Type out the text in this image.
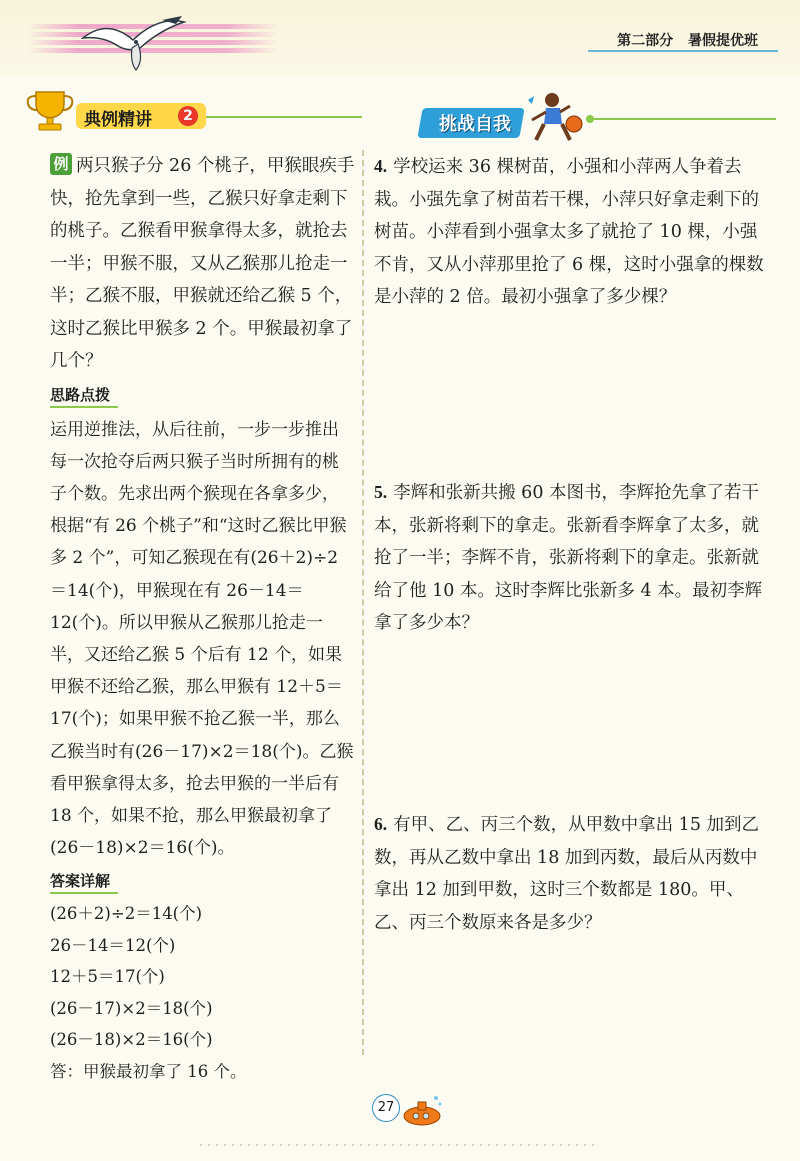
第二部分 暑假提优班
典例精讲	2	挑战自我
例 两只猴子分 26 个桃子，甲猴眼疾手快，抢先拿到一些，乙猴只好拿走剩下的桃子。乙猴看甲猴拿得太多，就抢去一半；甲猴不服，又从乙猴那儿抢走一半；乙猴不服，甲猴就还给乙猴 5 个，这时乙猴比甲猴多 2 个。甲猴最初拿了几个？
思路点拨
运用逆推法，从后往前，一步一步推出每一次抢夺后两只猴子当时所拥有的桃子个数。先求出两个猴现在各拿多少，根据“有 26 个桃子”和“这时乙猴比甲猴多 2 个”，可知乙猴现在有(26＋2)÷2＝14(个)，甲猴现在有 26－14＝12(个)。所以甲猴从乙猴那儿抢走一半，又还给乙猴 5 个后有 12 个，如果甲猴不还给乙猴，那么甲猴有 12＋5＝17(个)；如果甲猴不抢乙猴一半，那么乙猴当时有(26－17)×2＝18(个)。乙猴看甲猴拿得太多，抢去甲猴的一半后有 18 个，如果不抢，那么甲猴最初拿了(26－18)×2＝16(个)。
答案详解
(26＋2)÷2＝14(个)
26－14＝12(个)
12＋5＝17(个)
(26－17)×2＝18(个)
(26－18)×2＝16(个)
答：甲猴最初拿了 16 个。
4. 学校运来 36 棵树苗，小强和小萍两人争着去栽。小强先拿了树苗若干棵，小萍只好拿走剩下的树苗。小萍看到小强拿太多了就抢了 10 棵，小强不肯，又从小萍那里抢了 6 棵，这时小强拿的棵数是小萍的 2 倍。最初小强拿了多少棵？
5. 李辉和张新共搬 60 本图书，李辉抢先拿了若干本，张新将剩下的拿走。张新看李辉拿了太多，就抢了一半；李辉不肯，张新将剩下的拿走。张新就给了他 10 本。这时李辉比张新多 4 本。最初李辉拿了多少本？
6. 有甲、乙、丙三个数，从甲数中拿出 15 加到乙数，再从乙数中拿出 18 加到丙数，最后从丙数中拿出 12 加到甲数，这时三个数都是 180。甲、乙、丙三个数原来各是多少？
27
